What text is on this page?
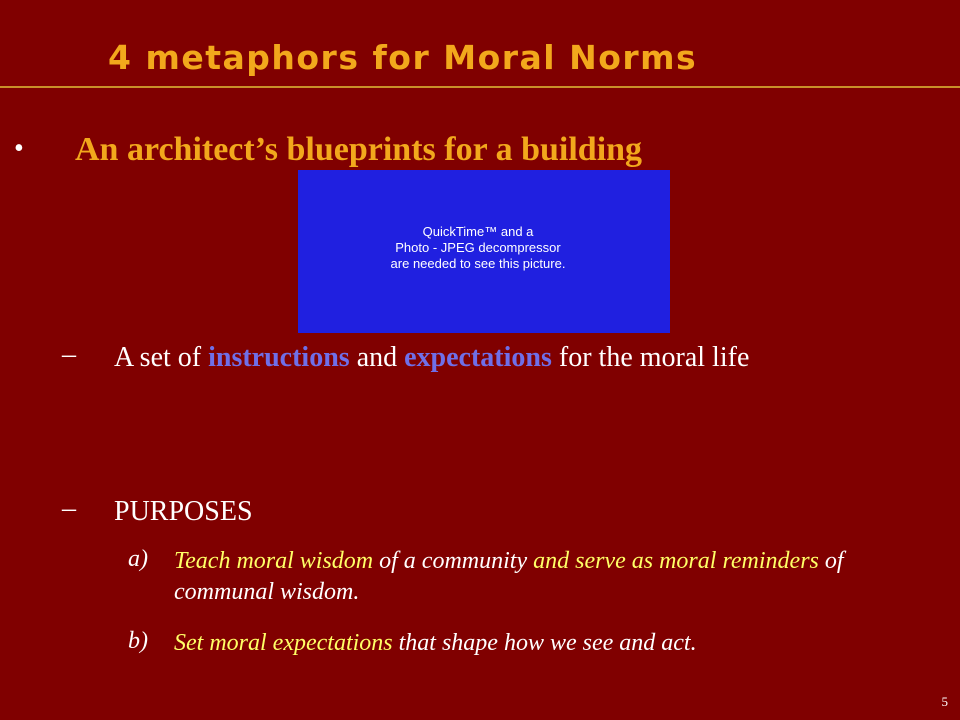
4 metaphors for Moral Norms
• An architect’s blueprints for a building
QuickTime™ and a
Photo - JPEG decompressor
are needed to see this picture.
– A set of instructions and expectations for the moral life
– PURPOSES
a) Teach moral wisdom of a community and serve as moral reminders of communal wisdom.
b) Set moral expectations that shape how we see and act.
5
